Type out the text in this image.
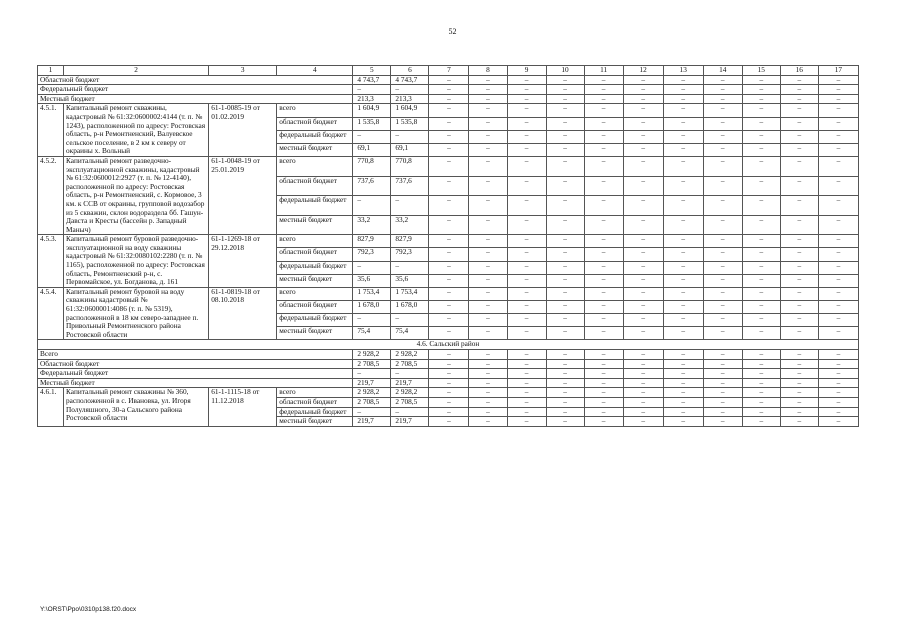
52
1	2	3	4	5	6	7	8	9	10	11	12	13	14	15	16	17
Областной бюджет				4 743,7	4 743,7	–	–	–	–	–	–	–	–	–	–	–
Федеральный бюджет				–	–	–	–	–	–	–	–	–	–	–	–	–
Местный бюджет				213,3	213,3	–	–	–	–	–	–	–	–	–	–	–
4.5.1.	Капитальный ремонт скважины, кадастровый № 61:32:0600002:4144 (т. п. № 1243), расположенной по адресу: Ростовская область, р-н Ремонтненский, Валуевское сельское поселение, в 2 км к северу от окраины х. Вольный	61-1-0085-19 от 01.02.2019	всего	1 604,9	1 604,9	–	–	–	–	–	–	–	–	–	–	–
			областной бюджет	1 535,8	1 535,8	–	–	–	–	–	–	–	–	–	–	–
			федеральный бюджет	–	–	–	–	–	–	–	–	–	–	–	–	–
			местный бюджет	69,1	69,1	–	–	–	–	–	–	–	–	–	–	–
4.5.2.	Капитальный ремонт разведочно-эксплуатационной скважины, кадастровый № 61:32:0600012:2927 (т. п. № 12-4140), расположенной по адресу: Ростовская область, р-н Ремонтненский, с. Кормовое, 3 км. к ССВ от окраины, групповой водозабор из 5 скважин, склон водораздела бб. Гашун-Давста и Кресты (бассейн р. Западный Маныч)	61-1-0048-19 от 25.01.2019	всего	770,8	770,8	–	–	–	–	–	–	–	–	–	–	–
			областной бюджет	737,6	737,6	–	–	–	–	–	–	–	–	–	–	–
			федеральный бюджет	–	–	–	–	–	–	–	–	–	–	–	–	–
			местный бюджет	33,2	33,2	–	–	–	–	–	–	–	–	–	–	–
4.5.3.	Капитальный ремонт буровой разведочно-эксплуатационной на воду скважины кадастровый № 61:32:0080102:2280 (т. п. № 1165), расположенной по адресу: Ростовская область, Ремонтненский р-н, с. Первомайское, ул. Богданова, д. 161	61-1-1269-18 от 29.12.2018	всего	827,9	827,9	–	–	–	–	–	–	–	–	–	–	–
			областной бюджет	792,3	792,3	–	–	–	–	–	–	–	–	–	–	–
			федеральный бюджет	–	–	–	–	–	–	–	–	–	–	–	–	–
			местный бюджет	35,6	35,6	–	–	–	–	–	–	–	–	–	–	–
4.5.4.	Капитальный ремонт буровой на воду скважины кадастровый № 61:32:0600001:4086 (т. п. № 5319), расположенной в 18 км северо-западнее п. Привольный Ремонтненского района Ростовской области	61-1-0819-18 от 08.10.2018	всего	1 753,4	1 753,4	–	–	–	–	–	–	–	–	–	–	–
			областной бюджет	1 678,0	1 678,0	–	–	–	–	–	–	–	–	–	–	–
			федеральный бюджет	–	–	–	–	–	–	–	–	–	–	–	–	–
			местный бюджет	75,4	75,4	–	–	–	–	–	–	–	–	–	–	–
4.6. Сальский район																
Всего				2 928,2	2 928,2	–	–	–	–	–	–	–	–	–	–	–
Областной бюджет				2 708,5	2 708,5	–	–	–	–	–	–	–	–	–	–	–
Федеральный бюджет				–	–	–	–	–	–	–	–	–	–	–	–	–
Местный бюджет				219,7	219,7	–	–	–	–	–	–	–	–	–	–	–
4.6.1.	Капитальный ремонт скважины № 360, расположенной в с. Ивановка, ул. Игоря Полуляшного, 30-а Сальского района Ростовской области	61-1-1115-18 от 11.12.2018	всего	2 928,2	2 928,2	–	–	–	–	–	–	–	–	–	–	–
			областной бюджет	2 708,5	2 708,5	–	–	–	–	–	–	–	–	–	–	–
			федеральный бюджет	–	–	–	–	–	–	–	–	–	–	–	–	–
			местный бюджет	219,7	219,7	–	–	–	–	–	–	–	–	–	–	–
Y:\ORST\Ppo\0310p138.f20.docx
